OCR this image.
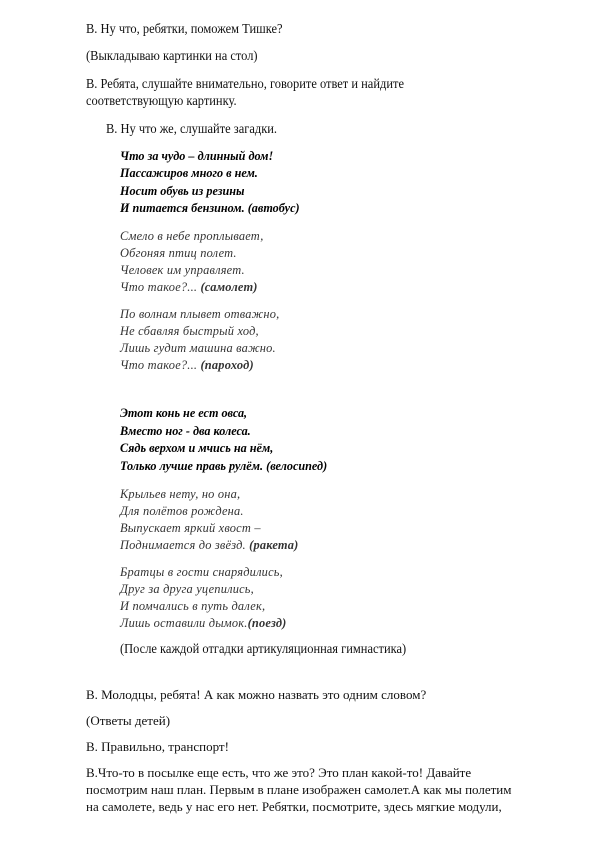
В. Ну что, ребятки, поможем Тишке?
(Выкладываю картинки на стол)
В. Ребята, слушайте внимательно, говорите ответ и найдите
соответствующую картинку.
В. Ну что же, слушайте загадки.
Что за чудо – длинный дом!
Пассажиров много в нем.
Носит обувь из резины
И питается бензином. (автобус)
Смело в небе проплывает,
Обгоняя птиц полет.
Человек им управляет.
Что такое?... (самолет)
По волнам плывет отважно,
Не сбавляя быстрый ход,
Лишь гудит машина важно.
Что такое?... (пароход)
Этот конь не ест овса,
Вместо ног - два колеса.
Сядь верхом и мчись на нём,
Только лучше правь рулём. (велосипед)
Крыльев нету, но она,
Для полётов рождена.
Выпускает яркий хвост –
Поднимается до звёзд. (ракета)
Братцы в гости снарядились,
Друг за друга уцепились,
И помчались в путь далек,
Лишь оставили дымок.(поезд)
(После каждой отгадки артикуляционная гимнастика)
В. Молодцы, ребята! А как можно назвать это одним словом?
(Ответы детей)
В. Правильно, транспорт!
В.Что-то в посылке еще есть, что же это? Это план какой-то! Давайте
посмотрим наш план. Первым в плане изображен самолет.А как мы полетим
на самолете, ведь у нас его нет. Ребятки, посмотрите, здесь мягкие модули,
